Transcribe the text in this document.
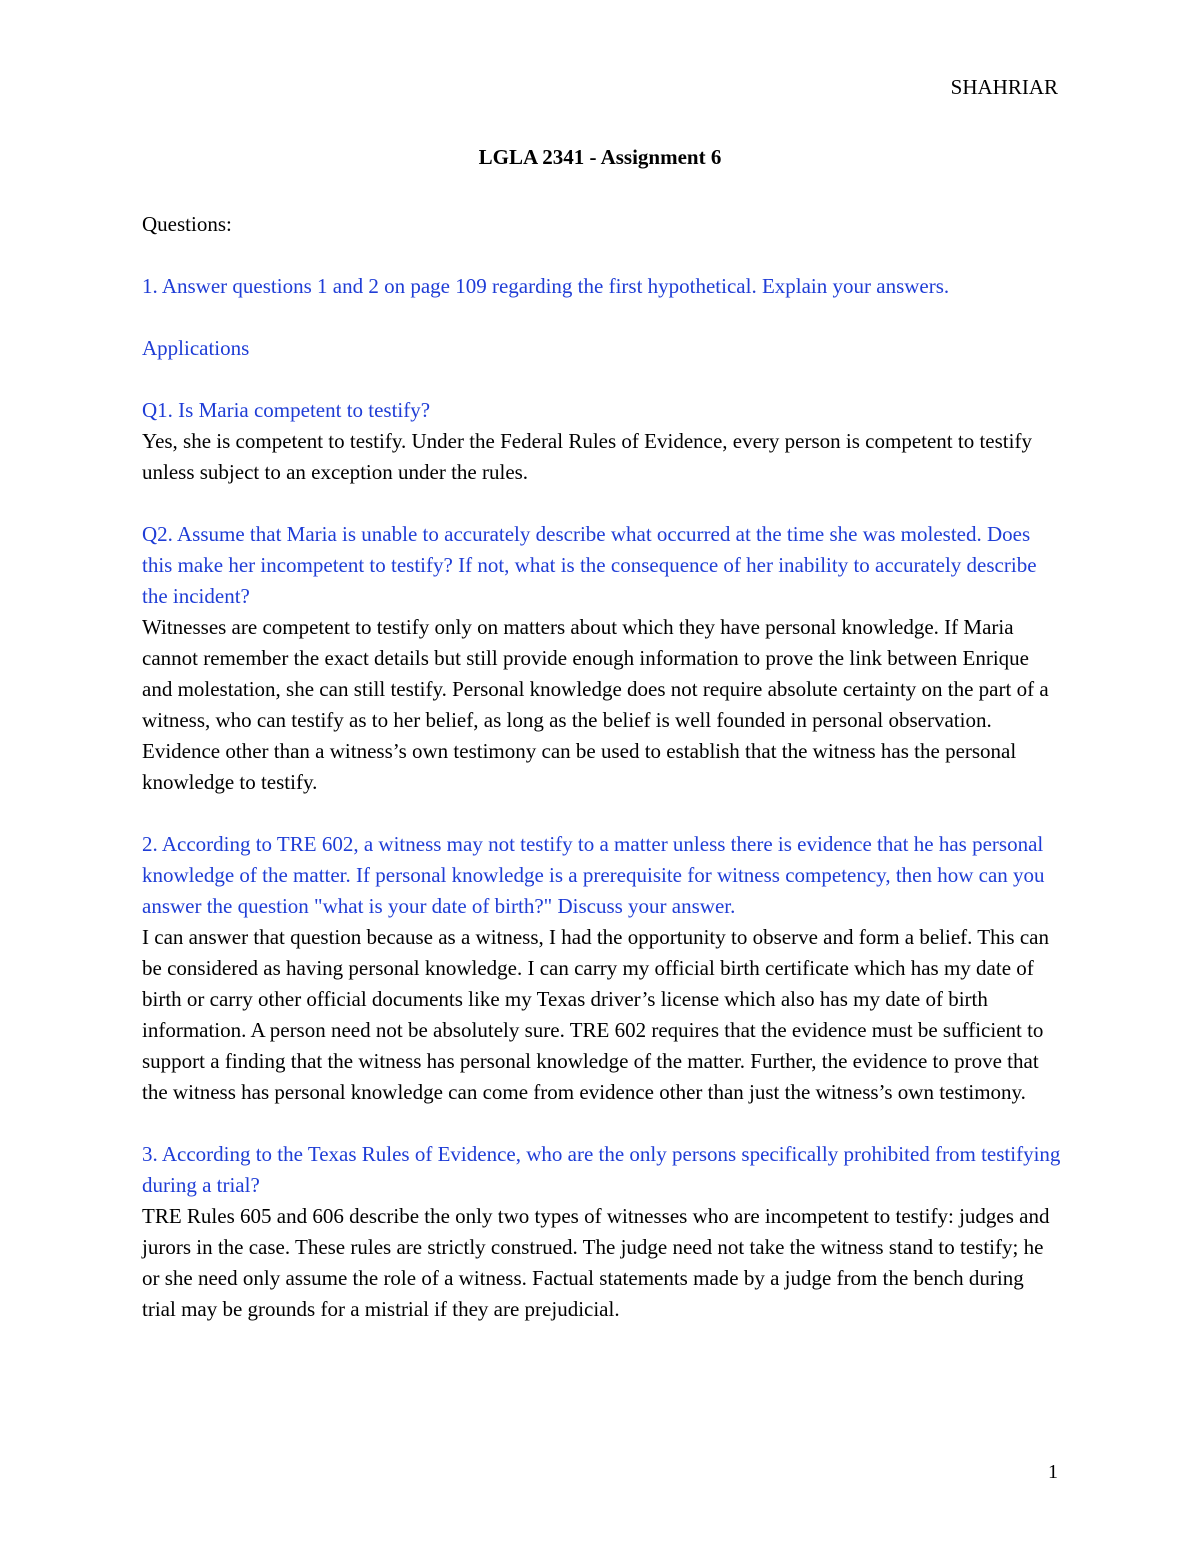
SHAHRIAR
LGLA 2341 - Assignment 6

Questions:

1. Answer questions 1 and 2 on page 109 regarding the first hypothetical. Explain your answers.

Applications

Q1. Is Maria competent to testify?
Yes, she is competent to testify. Under the Federal Rules of Evidence, every person is competent to testify unless subject to an exception under the rules.

Q2. Assume that Maria is unable to accurately describe what occurred at the time she was molested. Does this make her incompetent to testify? If not, what is the consequence of her inability to accurately describe the incident?
Witnesses are competent to testify only on matters about which they have personal knowledge. If Maria cannot remember the exact details but still provide enough information to prove the link between Enrique and molestation, she can still testify. Personal knowledge does not require absolute certainty on the part of a witness, who can testify as to her belief, as long as the belief is well founded in personal observation. Evidence other than a witness’s own testimony can be used to establish that the witness has the personal knowledge to testify.

2. According to TRE 602, a witness may not testify to a matter unless there is evidence that he has personal knowledge of the matter. If personal knowledge is a prerequisite for witness competency, then how can you answer the question "what is your date of birth?" Discuss your answer.
I can answer that question because as a witness, I had the opportunity to observe and form a belief. This can be considered as having personal knowledge. I can carry my official birth certificate which has my date of birth or carry other official documents like my Texas driver’s license which also has my date of birth information. A person need not be absolutely sure. TRE 602 requires that the evidence must be sufficient to support a finding that the witness has personal knowledge of the matter. Further, the evidence to prove that the witness has personal knowledge can come from evidence other than just the witness’s own testimony.

3. According to the Texas Rules of Evidence, who are the only persons specifically prohibited from testifying during a trial?
TRE Rules 605 and 606 describe the only two types of witnesses who are incompetent to testify: judges and jurors in the case. These rules are strictly construed. The judge need not take the witness stand to testify; he or she need only assume the role of a witness. Factual statements made by a judge from the bench during trial may be grounds for a mistrial if they are prejudicial.

1
